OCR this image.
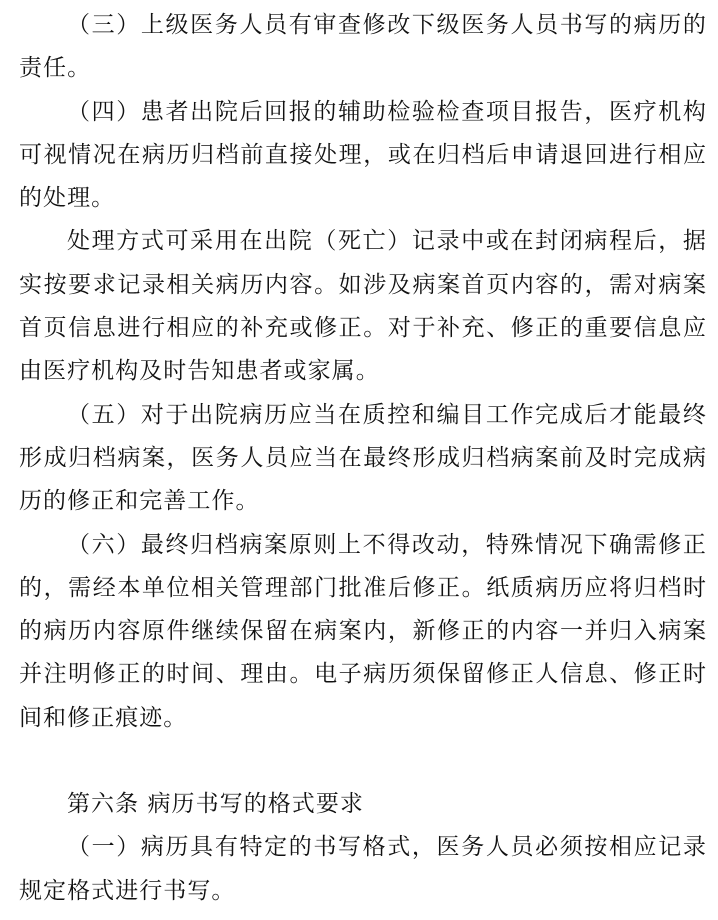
（三）上级医务人员有审查修改下级医务人员书写的病历的责任。

（四）患者出院后回报的辅助检验检查项目报告，医疗机构可视情况在病历归档前直接处理，或在归档后申请退回进行相应的处理。

处理方式可采用在出院（死亡）记录中或在封闭病程后，据实按要求记录相关病历内容。如涉及病案首页内容的，需对病案首页信息进行相应的补充或修正。对于补充、修正的重要信息应由医疗机构及时告知患者或家属。

（五）对于出院病历应当在质控和编目工作完成后才能最终形成归档病案，医务人员应当在最终形成归档病案前及时完成病历的修正和完善工作。

（六）最终归档病案原则上不得改动，特殊情况下确需修正的，需经本单位相关管理部门批准后修正。纸质病历应将归档时的病历内容原件继续保留在病案内，新修正的内容一并归入病案并注明修正的时间、理由。电子病历须保留修正人信息、修正时间和修正痕迹。

第六条 病历书写的格式要求

（一）病历具有特定的书写格式，医务人员必须按相应记录规定格式进行书写。
